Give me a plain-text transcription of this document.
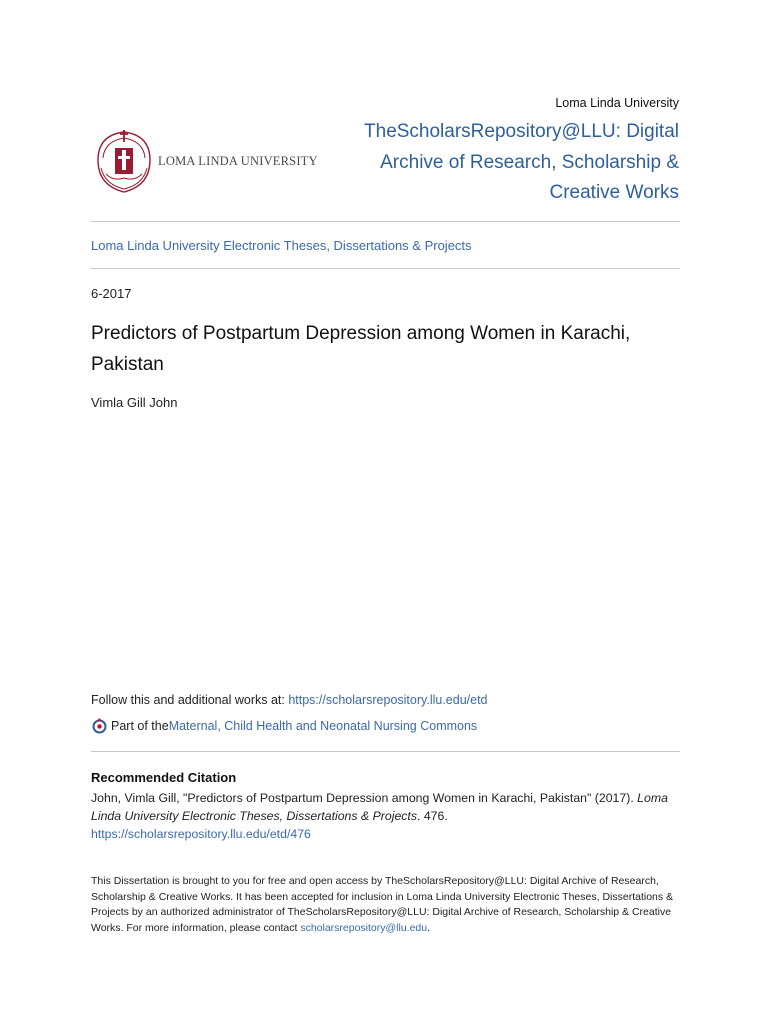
Loma Linda University
TheScholarsRepository@LLU: Digital Archive of Research, Scholarship & Creative Works
LOMA LINDA UNIVERSITY
Loma Linda University Electronic Theses, Dissertations & Projects
6-2017
Predictors of Postpartum Depression among Women in Karachi, Pakistan
Vimla Gill John
Follow this and additional works at: https://scholarsrepository.llu.edu/etd
Part of the Maternal, Child Health and Neonatal Nursing Commons
Recommended Citation
John, Vimla Gill, "Predictors of Postpartum Depression among Women in Karachi, Pakistan" (2017). Loma Linda University Electronic Theses, Dissertations & Projects. 476.
https://scholarsrepository.llu.edu/etd/476
This Dissertation is brought to you for free and open access by TheScholarsRepository@LLU: Digital Archive of Research, Scholarship & Creative Works. It has been accepted for inclusion in Loma Linda University Electronic Theses, Dissertations & Projects by an authorized administrator of TheScholarsRepository@LLU: Digital Archive of Research, Scholarship & Creative Works. For more information, please contact scholarsrepository@llu.edu.
